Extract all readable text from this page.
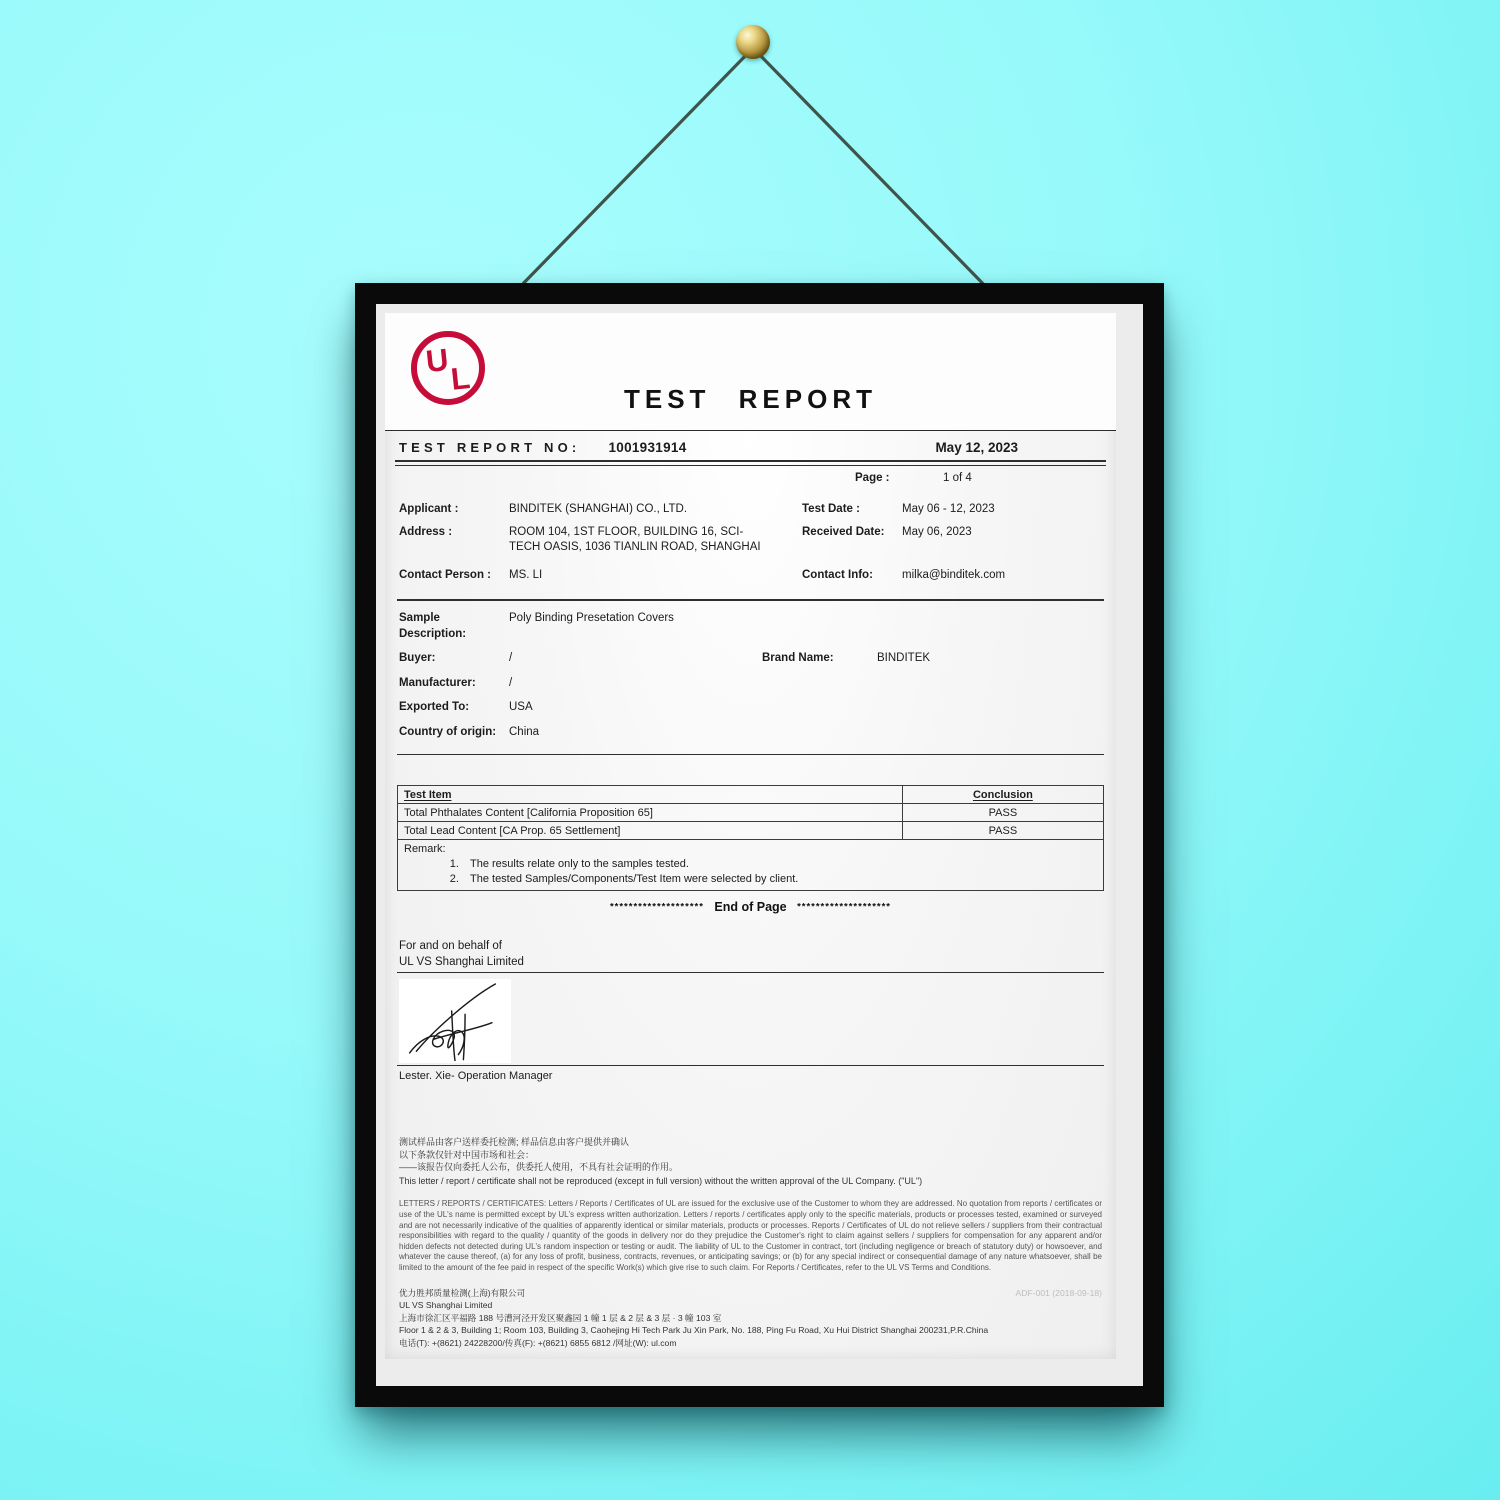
U L
TEST REPORT
TEST REPORT NO: 1001931914	May 12, 2023
Page :	1 of 4
Applicant :	BINDITEK (SHANGHAI) CO., LTD.	Test Date :	May 06 - 12, 2023
Address :	ROOM 104, 1ST FLOOR, BUILDING 16, SCI-TECH OASIS, 1036 TIANLIN ROAD, SHANGHAI
Received Date:	May 06, 2023
Contact Person :	MS. LI	Contact Info:	milka@binditek.com
Sample Description:
Poly Binding Presetation Covers
Buyer:	/	Brand Name:	BINDITEK
Manufacturer:	/
Exported To:	USA
Country of origin:	China
Test Item	Conclusion
Total Phthalates Content [California Proposition 65]	PASS
Total Lead Content [CA Prop. 65 Settlement]	PASS

Remark:
1. The results relate only to the samples tested.
2. The tested Samples/Components/Test Item were selected by client.
******************** End of Page ********************
For and on behalf of
UL VS Shanghai Limited
Lester. Xie- Operation Manager
测试样品由客户送样委托检测; 样品信息由客户提供并确认
以下条款仅针对中国市场和社会：
——该报告仅向委托人公布，供委托人使用，不具有社会证明的作用。
This letter / report / certificate shall not be reproduced (except in full version) without the written approval of the UL Company. ("UL")
LETTERS / REPORTS / CERTIFICATES: Letters / Reports / Certificates of UL are issued for the exclusive use of the Customer to whom they are addressed. No quotation from reports / certificates or use of the UL's name is permitted except by UL's express written authorization. Letters / reports / certificates apply only to the specific materials, products or processes tested, examined or surveyed and are not necessarily indicative of the qualities of apparently identical or similar materials, products or processes. Reports / Certificates of UL do not relieve sellers / suppliers from their contractual responsibilities with regard to the quality / quantity of the goods in delivery nor do they prejudice the Customer's right to claim against sellers / suppliers for compensation for any apparent and/or hidden defects not detected during UL's random inspection or testing or audit. The liability of UL to the Customer in contract, tort (including negligence or breach of statutory duty) or howsoever, and whatever the cause thereof, (a) for any loss of profit, business, contracts, revenues, or anticipating savings; or (b) for any special indirect or consequential damage of any nature whatsoever, shall be limited to the amount of the fee paid in respect of the specific Work(s) which give rise to such claim. For Reports / Certificates, refer to the UL VS Terms and Conditions.
ADF-001 (2018-09-18)
优力胜邦质量检测(上海)有限公司
UL VS Shanghai Limited
上海市徐汇区平福路 188 号漕河泾开发区聚鑫园 1 幢 1 层 & 2 层 & 3 层 · 3 幢 103 室
Floor 1 & 2 & 3, Building 1; Room 103, Building 3, Caohejing Hi Tech Park Ju Xin Park, No. 188, Ping Fu Road, Xu Hui District Shanghai 200231,P.R.China
电话(T): +(8621) 24228200/传真(F): +(8621) 6855 6812 /网址(W): ul.com
